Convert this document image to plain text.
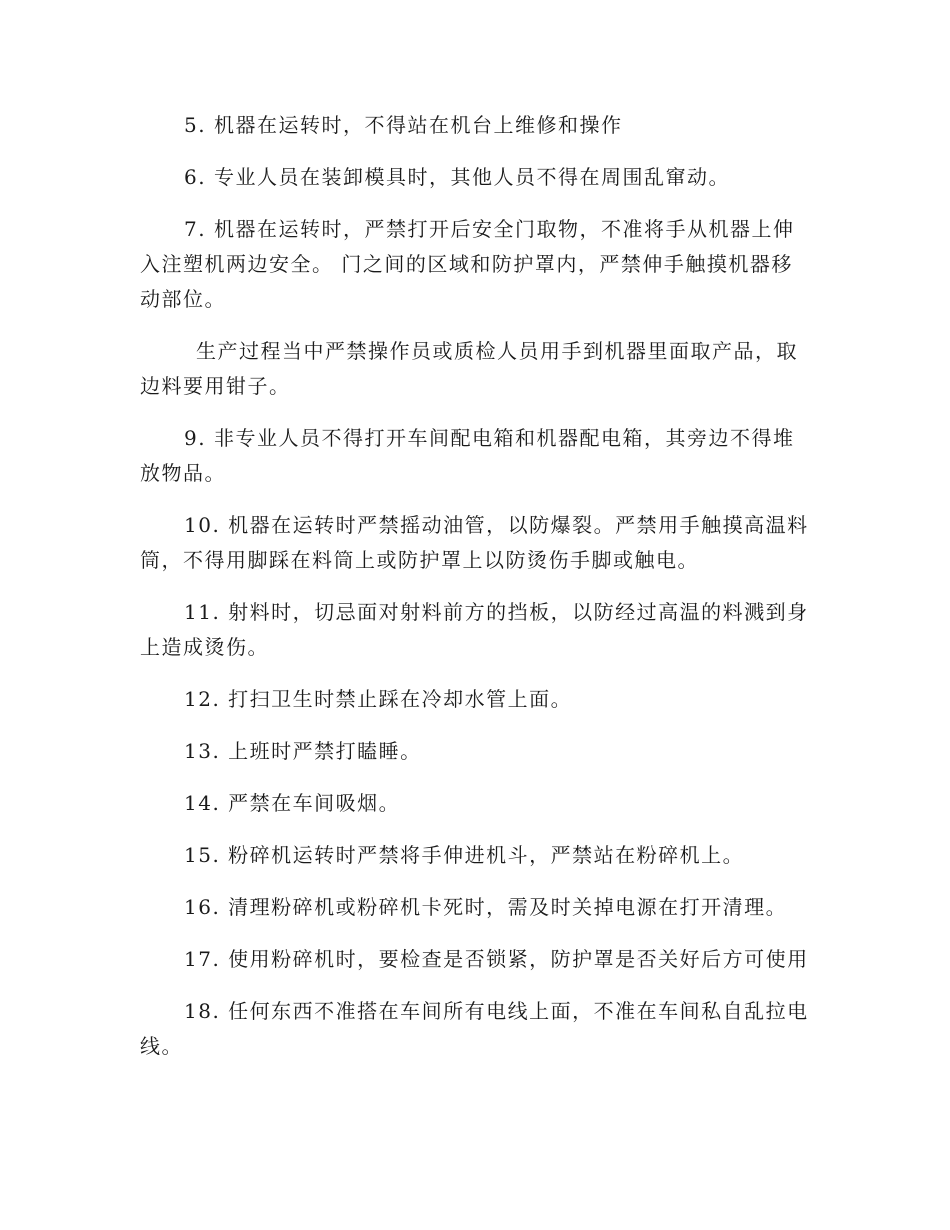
5. 机器在运转时，不得站在机台上维修和操作

6. 专业人员在装卸模具时，其他人员不得在周围乱窜动。

7. 机器在运转时，严禁打开后安全门取物，不准将手从机器上伸入注塑机两边安全。 门之间的区域和防护罩内，严禁伸手触摸机器移动部位。

生产过程当中严禁操作员或质检人员用手到机器里面取产品，取边料要用钳子。

9. 非专业人员不得打开车间配电箱和机器配电箱，其旁边不得堆放物品。

10. 机器在运转时严禁摇动油管，以防爆裂。严禁用手触摸高温料筒，不得用脚踩在料筒上或防护罩上以防烫伤手脚或触电。

11. 射料时，切忌面对射料前方的挡板，以防经过高温的料溅到身上造成烫伤。

12. 打扫卫生时禁止踩在冷却水管上面。

13. 上班时严禁打瞌睡。

14. 严禁在车间吸烟。

15. 粉碎机运转时严禁将手伸进机斗，严禁站在粉碎机上。

16. 清理粉碎机或粉碎机卡死时，需及时关掉电源在打开清理。

17. 使用粉碎机时，要检查是否锁紧，防护罩是否关好后方可使用

18. 任何东西不准搭在车间所有电线上面，不准在车间私自乱拉电线。
